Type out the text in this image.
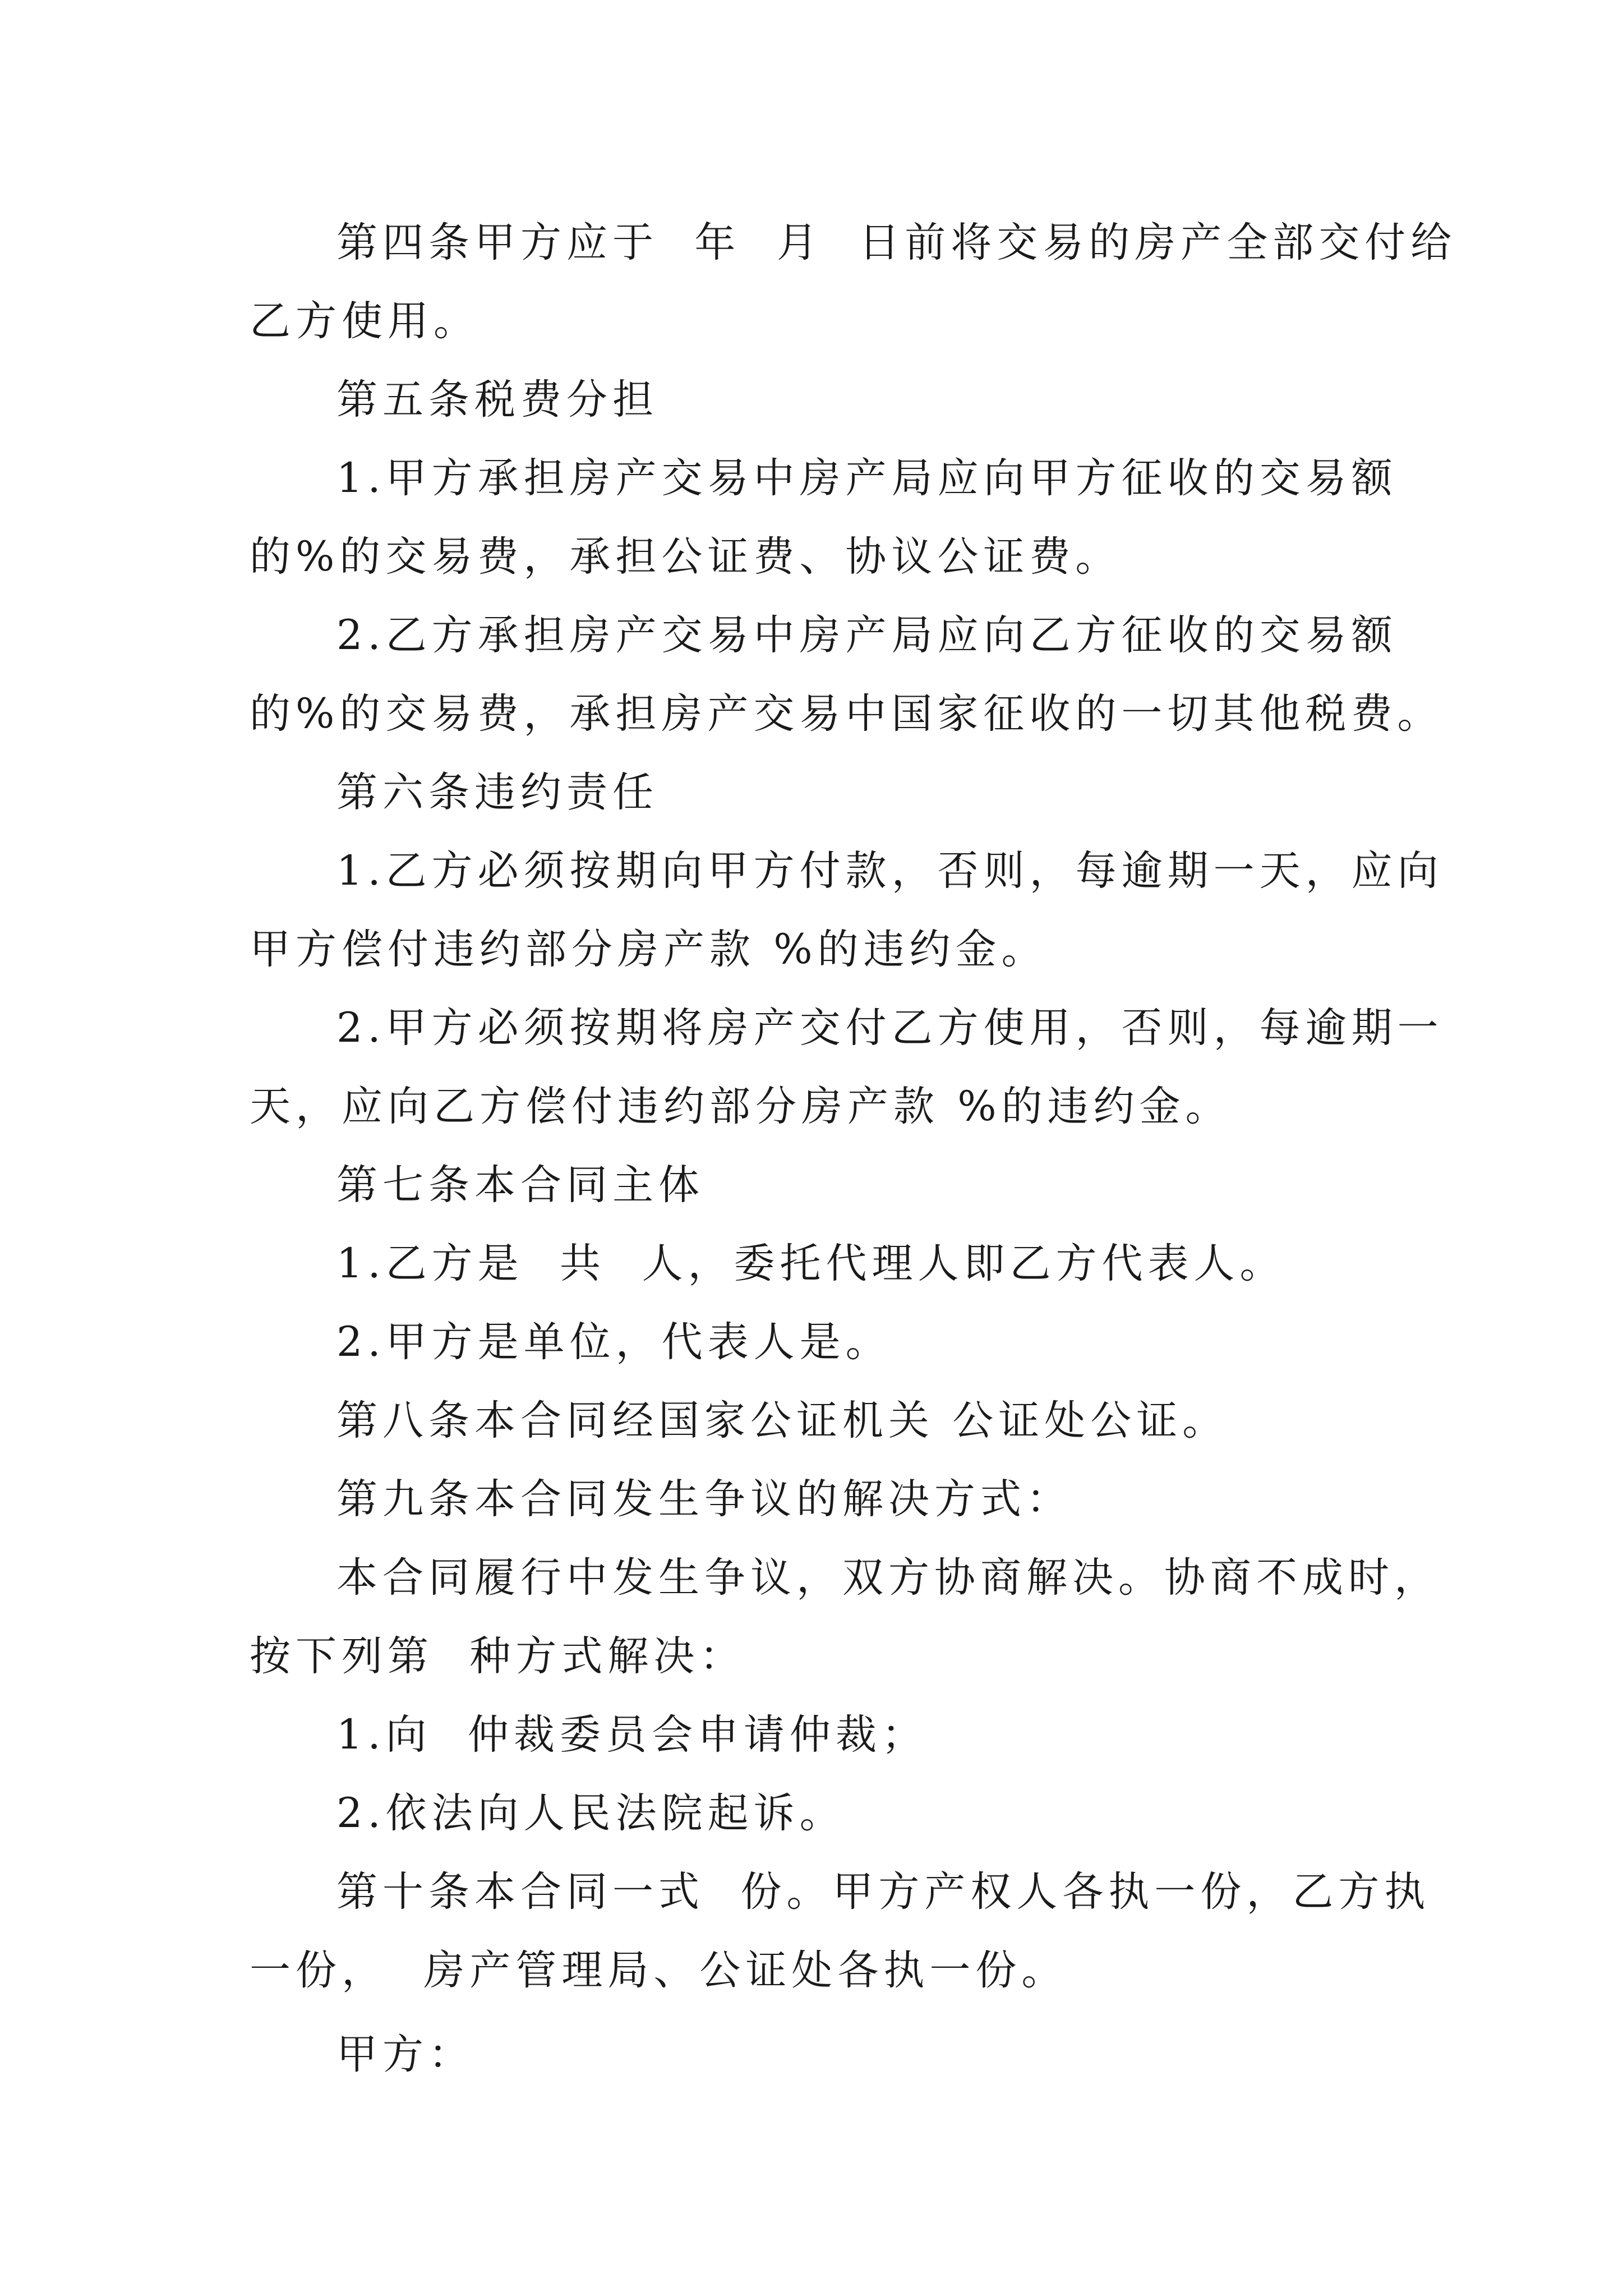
第四条甲方应于  年  月  日前将交易的房产全部交付给
乙方使用。
第五条税费分担
1.甲方承担房产交易中房产局应向甲方征收的交易额
的%的交易费，承担公证费、协议公证费。
2.乙方承担房产交易中房产局应向乙方征收的交易额
的%的交易费，承担房产交易中国家征收的一切其他税费。
第六条违约责任
1.乙方必须按期向甲方付款，否则，每逾期一天，应向
甲方偿付违约部分房产款 %的违约金。
2.甲方必须按期将房产交付乙方使用，否则，每逾期一
天，应向乙方偿付违约部分房产款 %的违约金。
第七条本合同主体
1.乙方是  共  人，委托代理人即乙方代表人。
2.甲方是单位，代表人是。
第八条本合同经国家公证机关 公证处公证。
第九条本合同发生争议的解决方式：
本合同履行中发生争议，双方协商解决。协商不成时，
按下列第  种方式解决：
1.向  仲裁委员会申请仲裁；
2.依法向人民法院起诉。
第十条本合同一式  份。甲方产权人各执一份，乙方执
一份，  房产管理局、公证处各执一份。
甲方：
